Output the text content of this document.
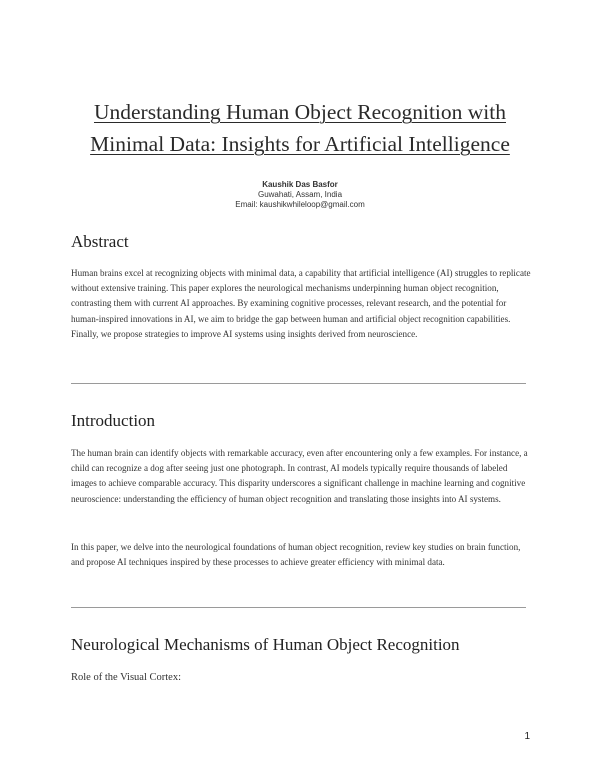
Understanding Human Object Recognition with
Minimal Data: Insights for Artificial Intelligence
Kaushik Das Basfor
Guwahati, Assam, India
Email: kaushikwhileloop@gmail.com
Abstract

Human brains excel at recognizing objects with minimal data, a capability that artificial intelligence (AI) struggles to replicate without extensive training. This paper explores the neurological mechanisms underpinning human object recognition, contrasting them with current AI approaches. By examining cognitive processes, relevant research, and the potential for human-inspired innovations in AI, we aim to bridge the gap between human and artificial object recognition capabilities. Finally, we propose strategies to improve AI systems using insights derived from neuroscience.

Introduction

The human brain can identify objects with remarkable accuracy, even after encountering only a few examples. For instance, a child can recognize a dog after seeing just one photograph. In contrast, AI models typically require thousands of labeled images to achieve comparable accuracy. This disparity underscores a significant challenge in machine learning and cognitive neuroscience: understanding the efficiency of human object recognition and translating those insights into AI systems.

In this paper, we delve into the neurological foundations of human object recognition, review key studies on brain function, and propose AI techniques inspired by these processes to achieve greater efficiency with minimal data.

Neurological Mechanisms of Human Object Recognition

Role of the Visual Cortex:

1
